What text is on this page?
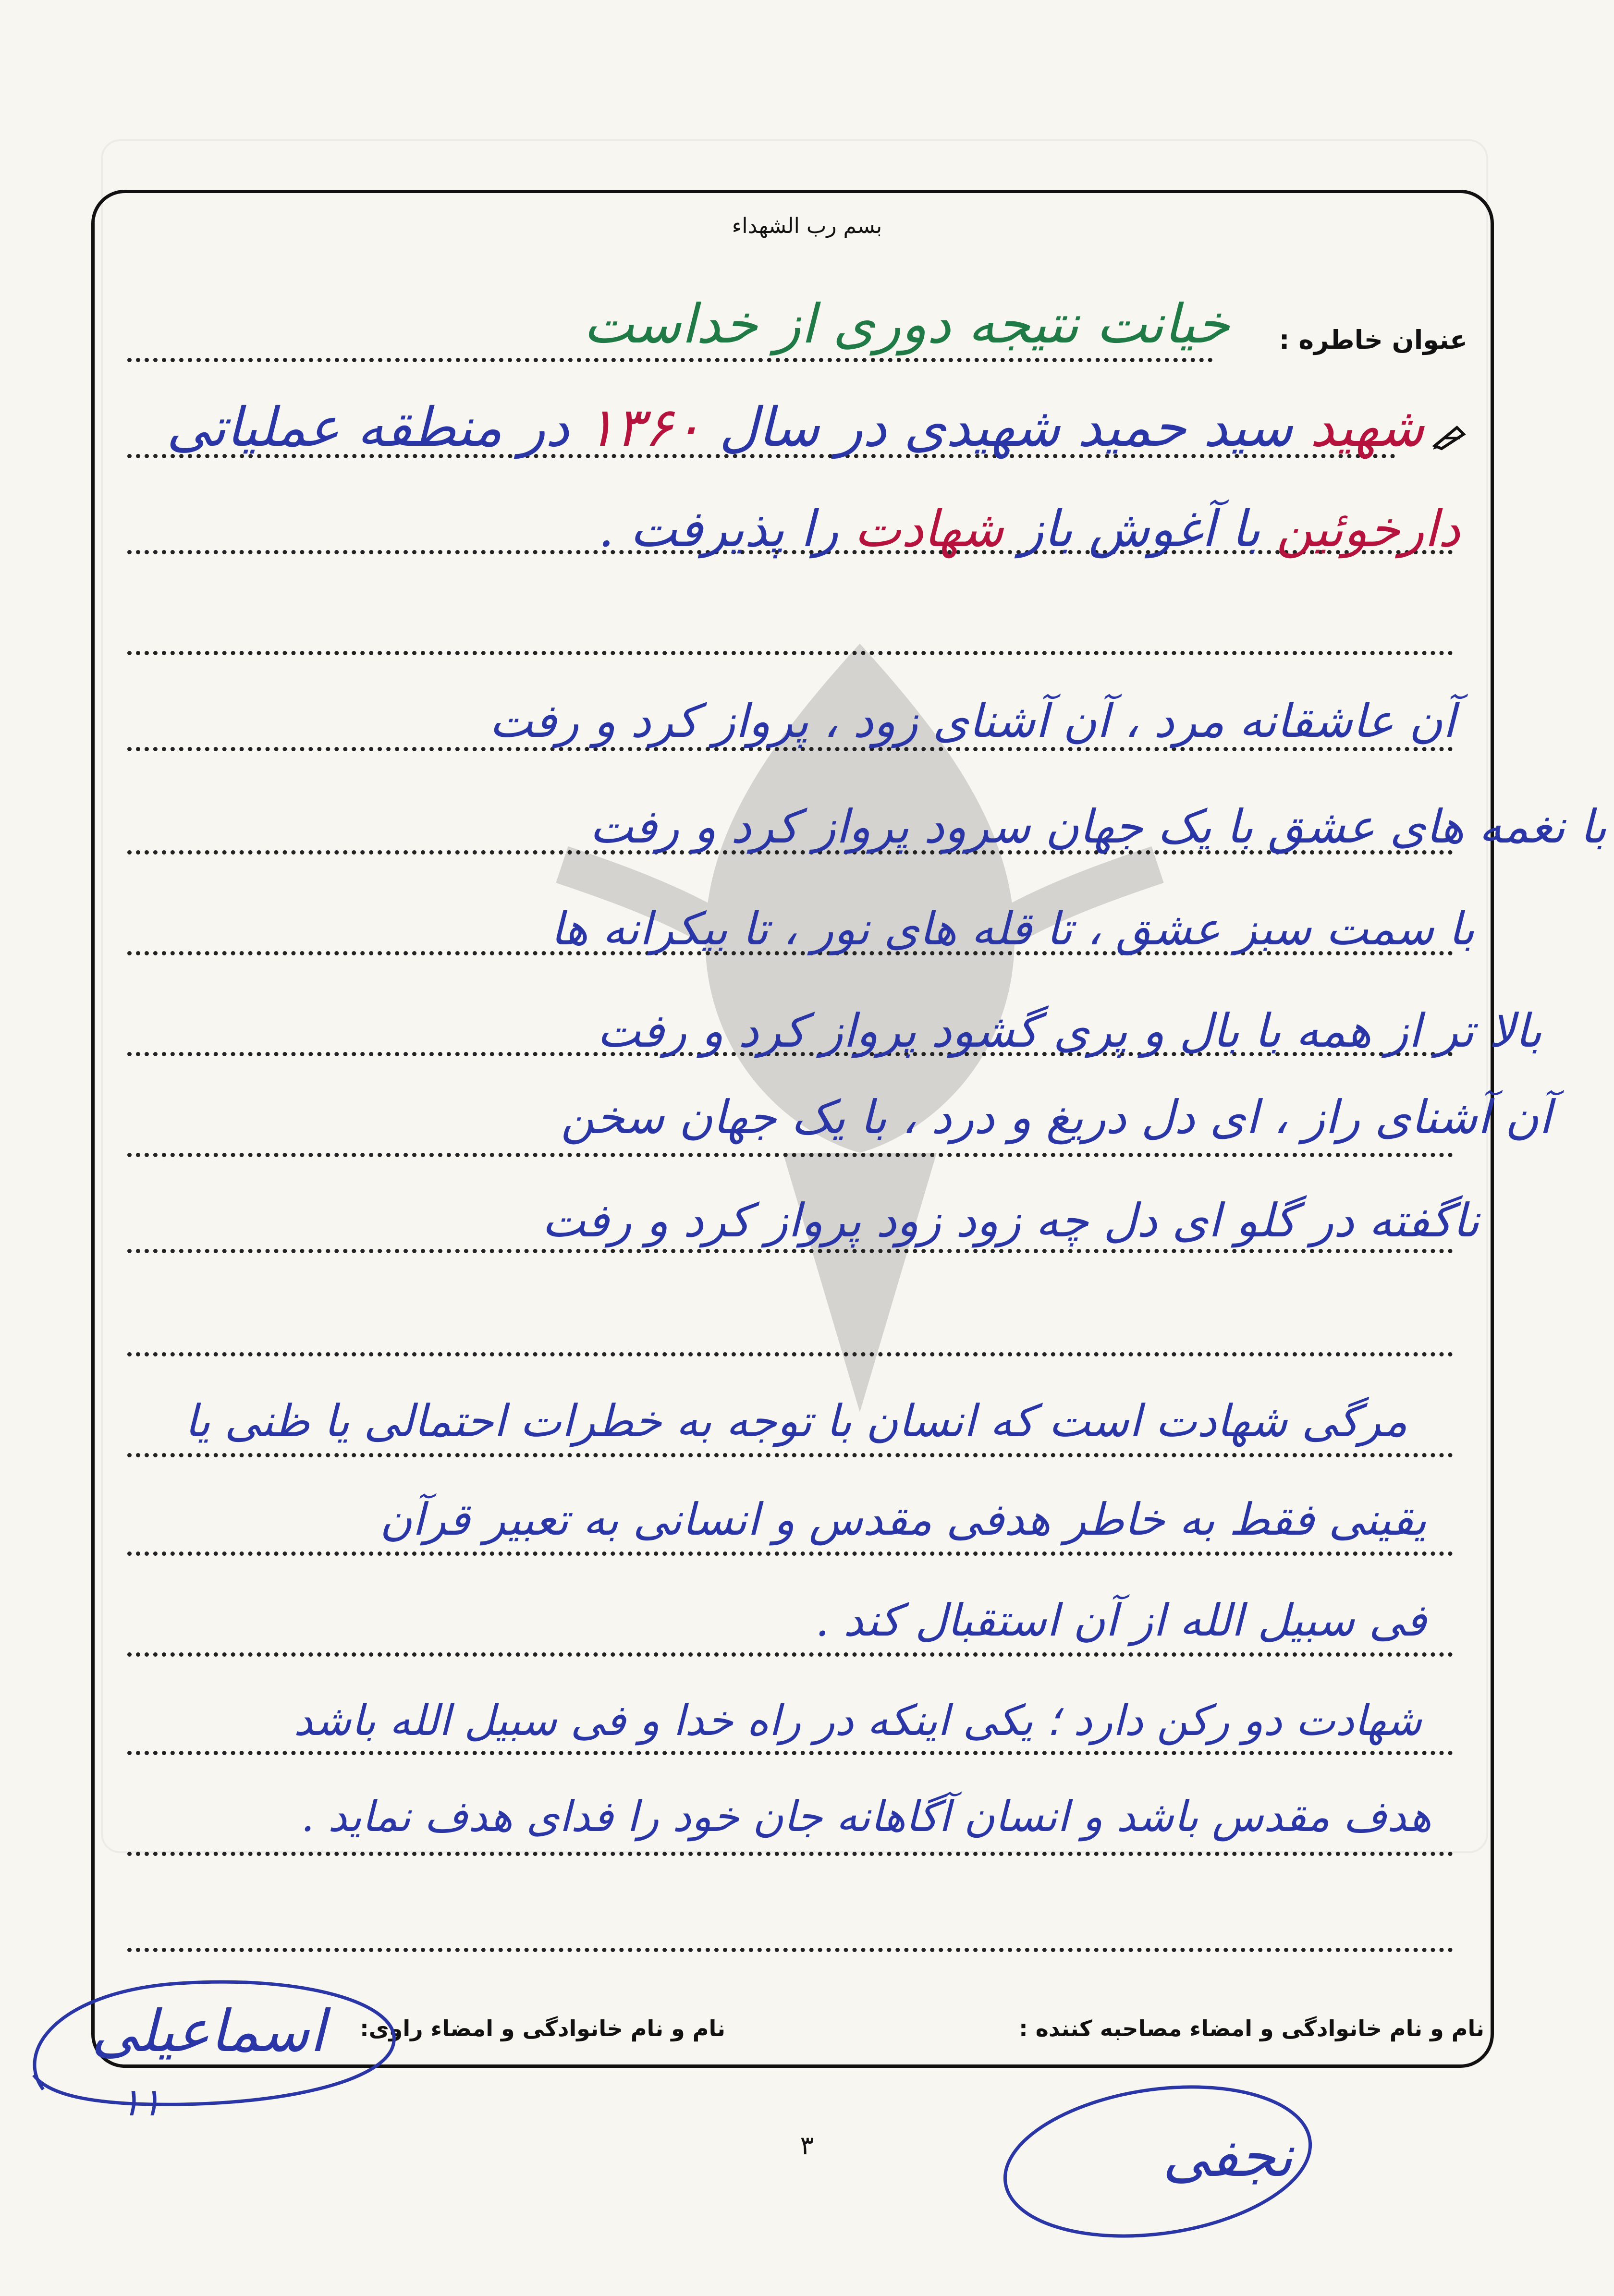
بسم رب الشهداء
عنوان خاطره :
خیانت نتیجه دوری از خداست
شهید سید حمید شهیدی در سال ۱۳۶۰ در منطقه عملیاتی
دارخوئین با آغوش باز شهادت را پذیرفت .
آن عاشقانه مرد ، آن آشنای زود ، پرواز کرد و رفت
با نغمه های عشق با یک جهان سرود پرواز کرد و رفت
با سمت سبز عشق ، تا قله های نور ، تا بیکرانه ها
بالا تر از همه با بال و پری گشود پرواز کرد و رفت
آن آشنای راز ، ای دل دریغ و درد ، با یک جهان سخن
ناگفته در گلو ای دل چه زود زود پرواز کرد و رفت
مرگی شهادت است که انسان با توجه به خطرات احتمالی یا ظنی یا
یقینی فقط به خاطر هدفی مقدس و انسانی به تعبیر قرآن
فی سبیل الله از آن استقبال کند .
شهادت دو رکن دارد ؛ یکی اینکه در راه خدا و فی سبیل الله باشد
هدف مقدس باشد و انسان آگاهانه جان خود را فدای هدف نماید .
نام و نام خانوادگی و امضاء مصاحبه کننده :
نام و نام خانوادگی و امضاء راوی:
اسماعیلی
۱۱
۳	نجفی
